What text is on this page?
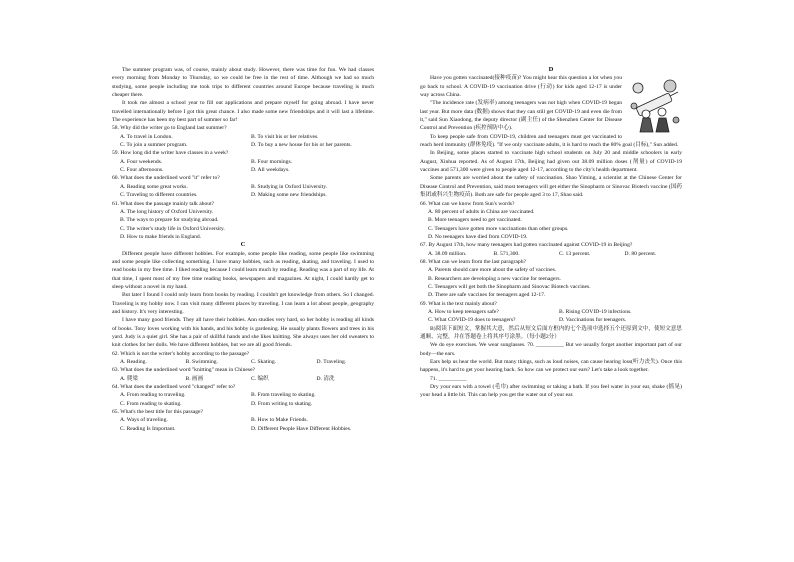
The summer program was, of course, mainly about study. However, there was time for fun. We had classes every morning from Monday to Thursday, so we could be free in the rest of time. Although we had so much studying, some people including me took trips to different countries around Europe because traveling is much cheaper there.

It took me almost a school year to fill out applications and prepare myself for going abroad. I have never travelled internationally before I got this great chance. I also made some new friendships and it will last a lifetime. The experience has been my best part of summer so far!

58. Why did the writer go to England last summer?

A. To travel in London.	B. To visit his or her relatives.
C. To join a summer program.	D. To buy a new house for his or her parents.

59. How long did the writer have classes in a week?

A. Four weekends.	B. Four mornings.
C. Four afternoons.	D. All weekdays.

60. What does the underlined word "it" refer to?

A. Reading some great works.	B. Studying in Oxford University.
C. Traveling to different countries.	D. Making some new friendships.

61. What does the passage mainly talk about?

A. The long history of Oxford University.
B. The ways to prepare for studying abroad.
C. The writer's study life in Oxford University.
D. How to make friends in England.
C

Different people have different hobbies. For example, some people like reading, some people like swimming and some people like collecting something. I have many hobbies, such as reading, skating, and traveling. I used to read books in my free time. I liked reading because I could learn much by reading. Reading was a part of my life. At that time, I spent most of my free time reading books, newspapers and magazines. At night, I could hardly get to sleep without a novel in my hand.

But later I found I could only learn from books by reading. I couldn't get knowledge from others. So I changed. Traveling is my hobby now. I can visit many different places by traveling. I can learn a lot about people, geography and history. It's very interesting.

I have many good friends. They all have their hobbies. Ann studies very hard, so her hobby is reading all kinds of books. Tony loves working with his hands, and his hobby is gardening. He usually plants flowers and trees in his yard. Judy is a quiet girl. She has a pair of skillful hands and she likes knitting. She always uses her old sweaters to knit clothes for her dolls. We have different hobbies, but we are all good friends.

62. Which is not the writer's hobby according to the passage?

A. Reading.	B. Swimming.	C. Skating.	D. Traveling.

63. What does the underlined word "knitting" mean in Chinese?

A. 爬梁	B. 画画	C. 编织	D. 清洗

64. What does the underlined word "changed" refer to?

A. From reading to traveling.	B. From traveling to skating.
C. From reading to skating.	D. From writing to skating.

65. What's the best title for this passage?

A. Ways of traveling.	B. How to Make Friends.
C. Reading Is Important.	D. Different People Have Different Hobbies.
D

Have you gotten vaccinated(接种疫苗)? You might hear this question a lot when you go back to school. A COVID-19 vaccination drive (行动) for kids aged 12-17 is under way across China.

"The incidence rate (发病率) among teenagers was not high when COVID-19 began last year. But more data (数据) shows that they can still get COVID-19 and even die from it," said Sun Xiaodong, the deputy director (副主任) of the Shenzhen Center for Disease Control and Prevention (疾控预防中心).

To keep people safe from COVID-19, children and teenagers must get vaccinated to reach herd immunity (群体免疫). "If we only vaccinate adults, it is hard to reach the 80% goal (目标)," Sun added.

In Beijing, some places started to vaccinate high school students on July 20 and middle schoolers in early August, Xinhua reported. As of August 17th, Beijing had given out 38.09 million doses (剂量) of COVID-19 vaccines and 571,300 were given to people aged 12-17, according to the city's health department.

Some parents are worried about the safety of vaccination. Shao Yiming, a scientist at the Chinese Center for Disease Control and Prevention, said most teenagers will get either the Sinopharm or Sinovac Biotech vaccine (国药集团或科兴生物疫苗). Both are safe for people aged 3 to 17, Shao said.

66. What can we know from Sun's words?

A. 80 percent of adults in China are vaccinated.
B. More teenagers need to get vaccinated.
C. Teenagers have gotten more vaccinations than other groups.
D. No teenagers have died from COVID-19.

67. By August 17th, how many teenagers had gotten vaccinated against COVID-19 in Beijing?

A. 38.09 million.	B. 571,300.	C. 13 percent.	D. 80 percent.

68. What can we learn from the last paragraph?

A. Parents should care more about the safety of vaccines.
B. Researchers are developing a new vaccine for teenagers.
C. Teenagers will get both the Sinopharm and Sinovac Biotech vaccines.
D. There are safe vaccines for teenagers aged 12-17.

69. What is the text mainly about?

A. How to keep teenagers safe?	B. Rising COVID-19 infections.
C. What COVID-19 does to teenagers?	D. Vaccinations for teenagers.

B)阅读下面短文，掌握其大意，然后从短文后面方框内的七个选项中选择五个还原到文中，使短文意思通顺、完整，并在答题卷上将其序号涂黑。（每小题2分）

We do eye exercises. We wear sunglasses. 70. __________ But we usually forget another important part of our body—the ears.

Ears help us hear the world. But many things, such as loud noises, can cause hearing loss(听力丧失). Once this happens, it's hard to get your hearing back. So how can we protect our ears? Let's take a look together.

71. __________

Dry your ears with a towel (毛巾) after swimming or taking a bath. If you feel water in your ear, shake (摇晃) your head a little bit. This can help you get the water out of your ear.
